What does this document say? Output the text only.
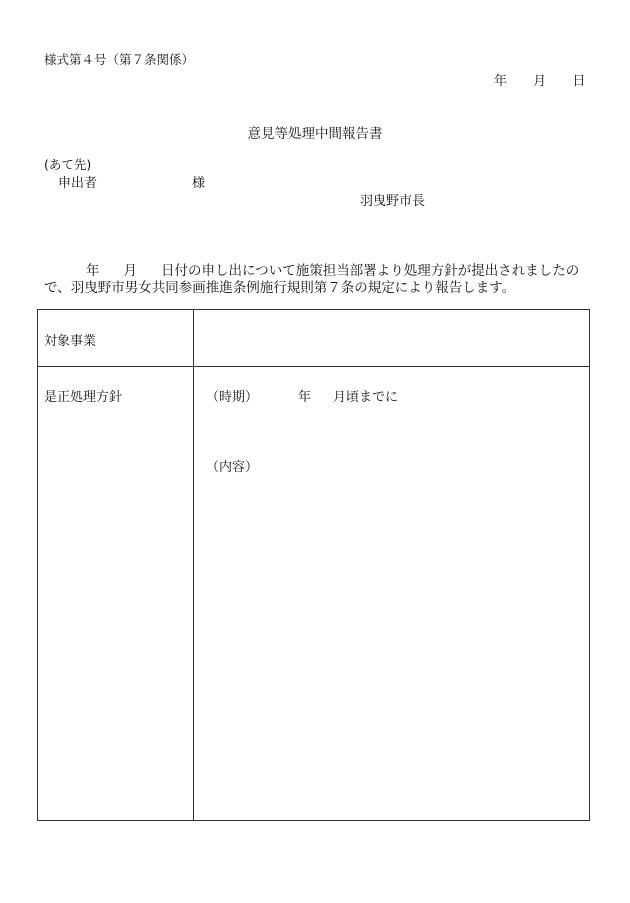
様式第４号（第７条関係）
年 月 日
意見等処理中間報告書
(あて先)
申出者	様
羽曳野市長
年 月 日付の申し出について施策担当部署より処理方針が提出されましたの
で、羽曳野市男女共同参画推進条例施行規則第７条の規定により報告します。
対象事業
是正処理方針	（時期）	年 月頃までに
（内容）
